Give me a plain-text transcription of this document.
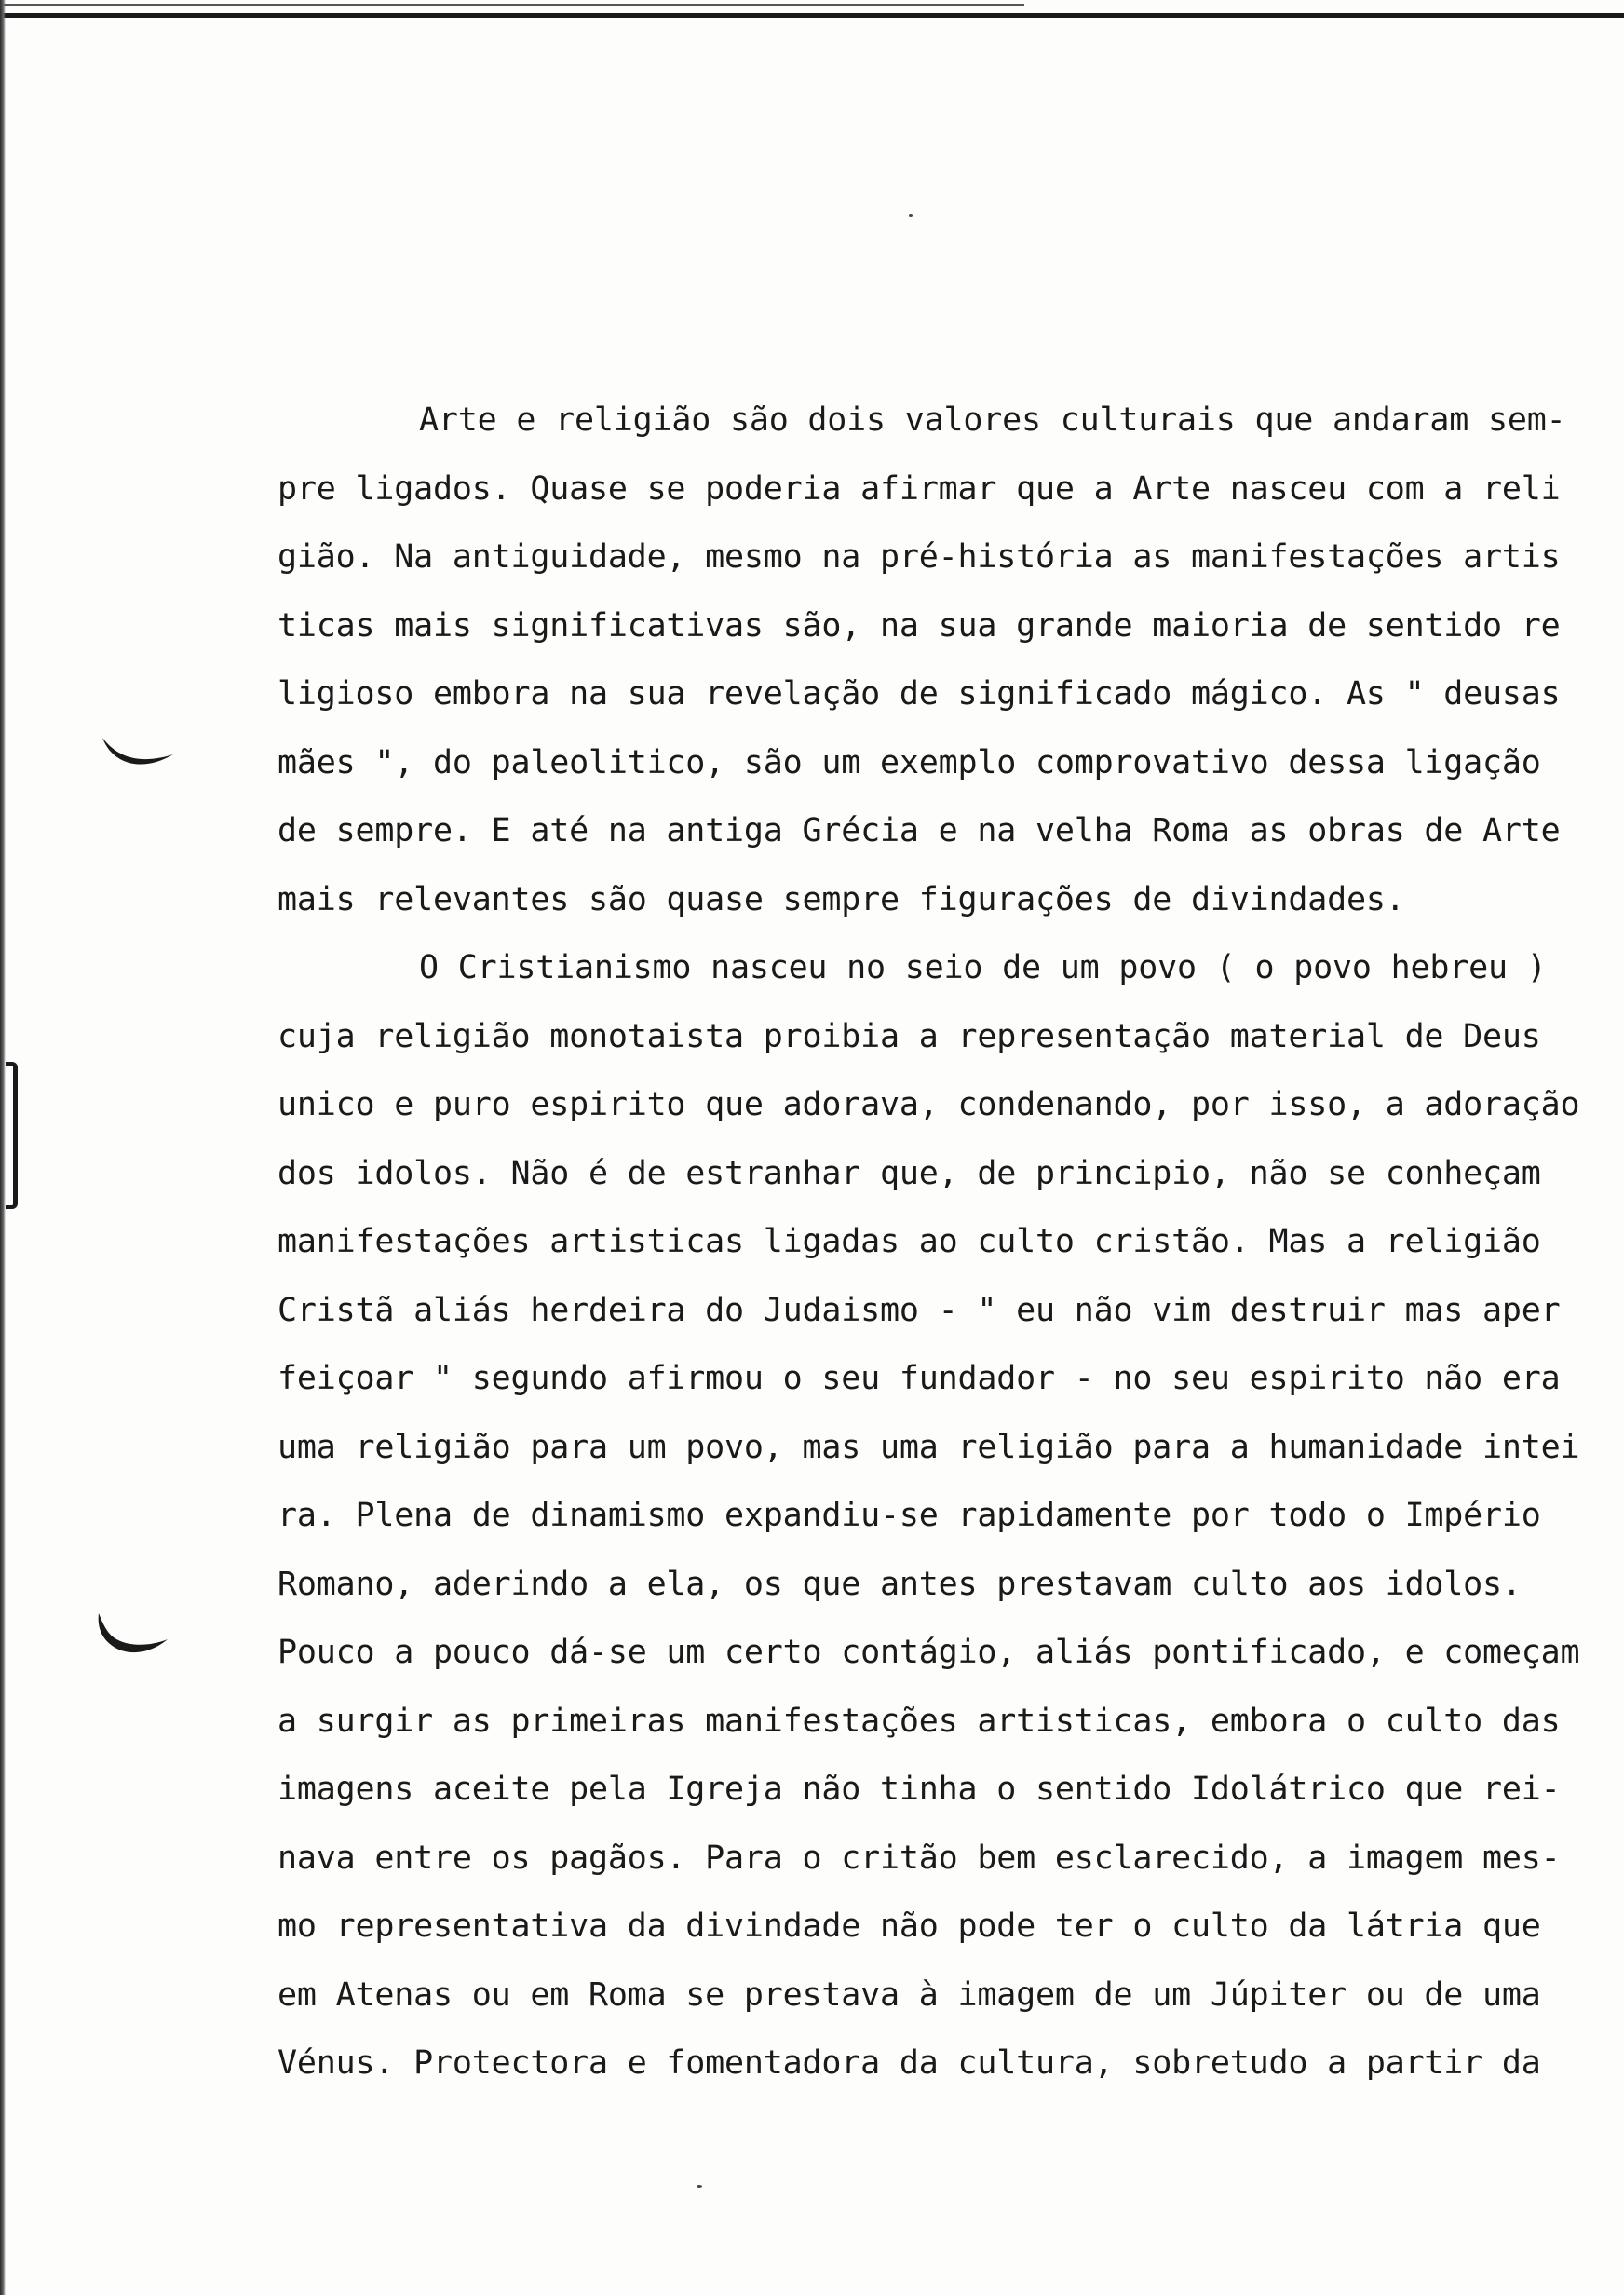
Arte e religião são dois valores culturais que andaram sem-
pre ligados. Quase se poderia afirmar que a Arte nasceu com a reli
gião. Na antiguidade, mesmo na pré-história as manifestações artis
ticas mais significativas são, na sua grande maioria de sentido re
ligioso embora na sua revelação de significado mágico. As " deusas
mães ", do paleolitico, são um exemplo comprovativo dessa ligação
de sempre. E até na antiga Grécia e na velha Roma as obras de Arte
mais relevantes são quase sempre figurações de divindades.
O Cristianismo nasceu no seio de um povo ( o povo hebreu )
cuja religião monotaista proibia a representação material de Deus
unico e puro espirito que adorava, condenando, por isso, a adoração
dos idolos. Não é de estranhar que, de principio, não se conheçam
manifestações artisticas ligadas ao culto cristão. Mas a religião
Cristã aliás herdeira do Judaismo - " eu não vim destruir mas aper
feiçoar " segundo afirmou o seu fundador - no seu espirito não era
uma religião para um povo, mas uma religião para a humanidade intei
ra. Plena de dinamismo expandiu-se rapidamente por todo o Império
Romano, aderindo a ela, os que antes prestavam culto aos idolos.
Pouco a pouco dá-se um certo contágio, aliás pontificado, e começam
a surgir as primeiras manifestações artisticas, embora o culto das
imagens aceite pela Igreja não tinha o sentido Idolátrico que rei-
nava entre os pagãos. Para o critão bem esclarecido, a imagem mes-
mo representativa da divindade não pode ter o culto da látria que
em Atenas ou em Roma se prestava à imagem de um Júpiter ou de uma
Vénus. Protectora e fomentadora da cultura, sobretudo a partir da
